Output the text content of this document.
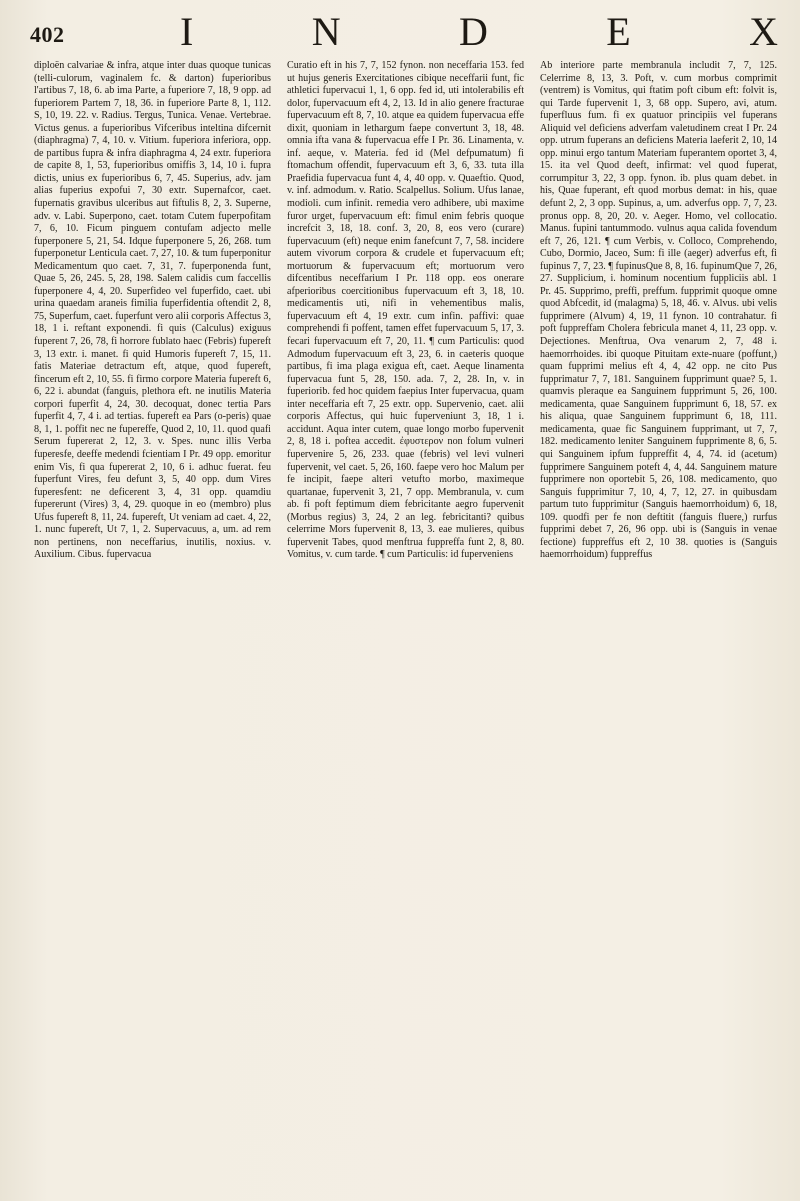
402	I	N	D	E	X

diploën calvariae & infra, atque inter duas quoque tunicas (telli-culorum, vaginalem fc. & darton) fuperioribus l'artibus 7, 18, 6. ab ima Parte, a fuperiore 7, 18, 9 opp. ad fuperiorem Partem 7, 18, 36. in fuperiore Parte 8, 1, 112. S, 10, 19. 22. v. Radius. Tergus, Tunica. Venae. Vertebrae. Victus genus. a fuperioribus Vifceribus inteltina difcernit (diaphragma) 7, 4, 10. v. Vitium. fuperiora inferiora, opp. de partibus fupra & infra diaphragma 4, 24 extr. fuperiora de capite 8, 1, 53, fuperioribus omiffis 3, 14, 10 i. fupra dictis, unius ex fuperioribus 6, 7, 45. Superius, adv. jam alias fuperius expofui 7, 30 extr. Supernafcor, caet. fupernatis gravibus ulceribus aut fiftulis 8, 2, 3. Superne, adv. v. Labi. Superpono, caet. totam Cutem fuperpofitam 7, 6, 10. Ficum pinguem contufam adjecto melle fuperponere 5, 21, 54. Idque fuperponere 5, 26, 268. tum fuperponetur Lenticula caet. 7, 27, 10. & tum fuperponitur Medicamentum quo caet. 7, 31, 7. fuperponenda funt, Quae 5, 26, 245. 5, 28, 198. Salem calidis cum faccellis fuperponere 4, 4, 20. Superfideo vel fuperfido, caet. ubi urina quaedam araneis fimilia fuperfidentia oftendit 2, 8, 75, Superfum, caet. fuperfunt vero alii corporis Affectus 3, 18, 1 i. reftant exponendi. fi quis (Calculus) exiguus fuperent 7, 26, 78, fi horrore fublato haec (Febris) fupereft 3, 13 extr. i. manet. fi quid Humoris fupereft 7, 15, 11. fatis Materiae detractum eft, atque, quod fupereft, fincerum eft 2, 10, 55. fi firmo corpore Materia fupereft 6, 6, 22 i. abundat (fanguis, plethora eft. ne inutilis Materia corpori fuperfit 4, 24, 30. decoquat, donec tertia Pars fuperfit 4, 7, 4 i. ad tertias. fupereft ea Pars (o-peris) quae 8, 1, 1. poffit nec ne fupereffe, Quod 2, 10, 11. quod quafi Serum fupererat 2, 12, 3. v. Spes. nunc illis Verba fuperesfe, deeffe medendi fcientiam I Pr. 49 opp. emoritur enim Vis, fi qua fupererat 2, 10, 6 i. adhuc fuerat. feu fuperfunt Vires, feu defunt 3, 5, 40 opp. dum Vires fuperesfent: ne deficerent 3, 4, 31 opp. quamdiu fupererunt (Vires) 3, 4, 29. quoque in eo (membro) plus Ufus fupereft 8, 11, 24. fupereft, Ut veniam ad caet. 4, 22, 1. nunc fupereft, Ut 7, 1, 2. Supervacuus, a, um. ad rem non pertinens, non neceffarius, inutilis, noxius. v. Auxilium. Cibus. fupervacua

Curatio eft in his 7, 7, 152 fynon. non neceffaria 153. fed ut hujus generis Exercitationes cibique neceffarii funt, fic athletici fupervacui 1, 1, 6 opp. fed id, uti intolerabilis eft dolor, fupervacuum eft 4, 2, 13. Id in alio genere fracturae fupervacuum eft 8, 7, 10. atque ea quidem fupervacua effe dixit, quoniam in lethargum faepe convertunt 3, 18, 48. omnia ifta vana & fupervacua effe I Pr. 36. Linamenta, v. inf. aeque, v. Materia. fed id (Mel defpumatum) fi ftomachum offendit, fupervacuum eft 3, 6, 33. tuta illa Praefidia fupervacua funt 4, 4, 40 opp. v. Quaeftio. Quod, v. inf. admodum. v. Ratio. Scalpellus. Solium. Ufus lanae, modioli. cum infinit. remedia vero adhibere, ubi maxime furor urget, fupervacuum eft: fimul enim febris quoque increfcit 3, 18, 18. conf. 3, 20, 8, eos vero (curare) fupervacuum (eft) neque enim fanefcunt 7, 7, 58. incidere autem vivorum corpora & crudele et fupervacuum eft; mortuorum & fupervacuum eft; mortuorum vero difcentibus neceffarium I Pr. 118 opp. eos onerare afperioribus coercitionibus fupervacuum eft 3, 18, 10. medicamentis uti, nifi in vehementibus malis, fupervacuum eft 4, 19 extr. cum infin. paffivi: quae comprehendi fi poffent, tamen effet fupervacuum 5, 17, 3. fecari fupervacuum eft 7, 20, 11. ¶ cum Particulis: quod Admodum fupervacuum eft 3, 23, 6. in caeteris quoque partibus, fi ima plaga exigua eft, caet. Aeque linamenta fupervacua funt 5, 28, 150. ada. 7, 2, 28. In, v. in fuperiorib. fed hoc quidem faepius Inter fupervacua, quam inter neceffaria eft 7, 25 extr. opp. Supervenio, caet. alii corporis Affectus, qui huic fuperveniunt 3, 18, 1 i. accidunt. Aqua inter cutem, quae longo morbo fupervenit 2, 8, 18 i. poftea accedit. ἐφυστερον non folum vulneri fupervenire 5, 26, 233. quae (febris) vel levi vulneri fupervenit, vel caet. 5, 26, 160. faepe vero hoc Malum per fe incipit, faepe alteri vetufto morbo, maximeque quartanae, fupervenit 3, 21, 7 opp. Membranula, v. cum ab. fi poft feptimum diem febricitante aegro fupervenit (Morbus regius) 3, 24, 2 an leg. febricitanti? quibus celerrime Mors fupervenit 8, 13, 3. eae mulieres, quibus fupervenit Tabes, quod menftrua fuppreffa funt 2, 8, 80. Vomitus, v. cum tarde. ¶ cum Particulis: id fuperveniens

Ab interiore parte membranula includit 7, 7, 125. Celerrime 8, 13, 3. Poft, v. cum morbus comprimit (ventrem) is Vomitus, qui ftatim poft cibum eft: folvit is, qui Tarde fupervenit 1, 3, 68 opp. Supero, avi, atum. fuperfluus fum. fi ex quatuor principiis vel fuperans Aliquid vel deficiens adverfam valetudinem creat I Pr. 24 opp. utrum fuperans an deficiens Materia laeferit 2, 10, 14 opp. minui ergo tantum Materiam fuperantem oportet 3, 4, 15. ita vel Quod deeft, infirmat: vel quod fuperat, corrumpitur 3, 22, 3 opp. fynon. ib. plus quam debet. in his, Quae fuperant, eft quod morbus demat: in his, quae defunt 2, 2, 3 opp. Supinus, a, um. adverfus opp. 7, 7, 23. pronus opp. 8, 20, 20. v. Aeger. Homo, vel collocatio. Manus. fupini tantummodo. vulnus aqua calida fovendum eft 7, 26, 121. ¶ cum Verbis, v. Colloco, Comprehendo, Cubo, Dormio, Jaceo, Sum: fi ille (aeger) adverfus eft, fi fupinus 7, 7, 23. ¶ fupinusQue 8, 8, 16. fupinumQue 7, 26, 27. Supplicium, i. hominum nocentium fuppliciis abl. 1 Pr. 45. Supprimo, preffi, preffum. fupprimit quoque omne quod Abfcedit, id (malagma) 5, 18, 46. v. Alvus. ubi velis fupprimere (Alvum) 4, 19, 11 fynon. 10 contrahatur. fi poft fuppreffam Cholera febricula manet 4, 11, 23 opp. v. Dejectiones. Menftrua, Ova venarum 2, 7, 48 i. haemorrhoides. ibi quoque Pituitam exte-nuare (poffunt,) quam fupprimi melius eft 4, 4, 42 opp. ne cito Pus fupprimatur 7, 7, 181. Sanguinem fupprimunt quae? 5, 1. quamvis pleraque ea Sanguinem fupprimunt 5, 26, 100. medicamenta, quae Sanguinem fupprimunt 6, 18, 57. ex his aliqua, quae Sanguinem fupprimunt 6, 18, 111. medicamenta, quae fic Sanguinem fupprimant, ut 7, 7, 182. medicamento leniter Sanguinem fupprimente 8, 6, 5. qui Sanguinem ipfum fuppreffit 4, 4, 74. id (acetum) fupprimere Sanguinem poteft 4, 4, 44. Sanguinem mature fupprimere non oportebit 5, 26, 108. medicamento, quo Sanguis fupprimitur 7, 10, 4, 7, 12, 27. in quibusdam partum tuto fupprimitur (Sanguis haemorrhoidum) 6, 18, 109. quodfi per fe non deftitit (fanguis fluere,) rurfus fupprimi debet 7, 26, 96 opp. ubi is (Sanguis in venae fectione) fuppreffus eft 2, 10 38. quoties is (Sanguis haemorrhoidum) fuppreffus
